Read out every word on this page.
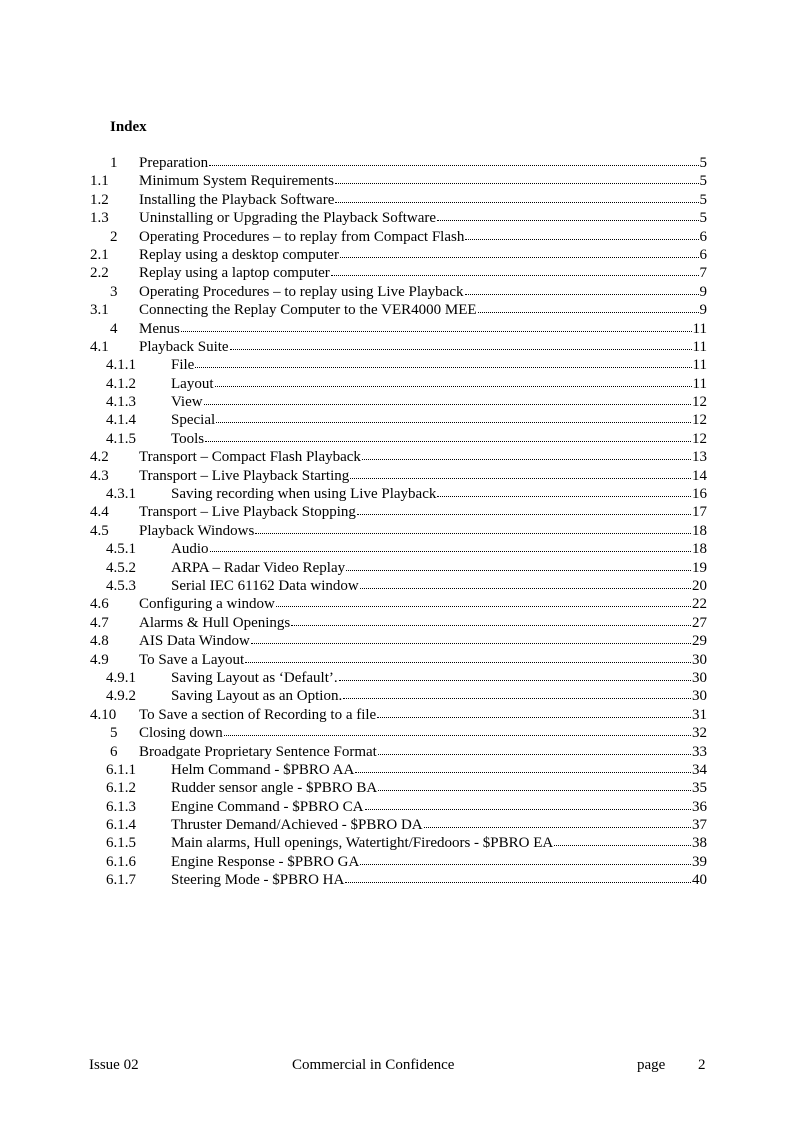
Index
1 Preparation	5
1.1 Minimum System Requirements	5
1.2 Installing the Playback Software	5
1.3 Uninstalling or Upgrading the Playback Software	5
2 Operating Procedures – to replay from Compact Flash	6
2.1 Replay using a desktop computer	6
2.2 Replay using a laptop computer	7
3 Operating Procedures – to replay using Live Playback	9
3.1 Connecting the Replay Computer to the VER4000 MEE	9
4 Menus	11
4.1 Playback Suite	11
4.1.1 File	11
4.1.2 Layout	11
4.1.3 View	12
4.1.4 Special	12
4.1.5 Tools	12
4.2 Transport – Compact Flash Playback	13
4.3 Transport – Live Playback Starting	14
4.3.1 Saving recording when using Live Playback	16
4.4 Transport – Live Playback Stopping	17
4.5 Playback Windows	18
4.5.1 Audio	18
4.5.2 ARPA – Radar Video Replay	19
4.5.3 Serial IEC 61162 Data window	20
4.6 Configuring a window	22
4.7 Alarms & Hull Openings	27
4.8 AIS Data Window	29
4.9 To Save a Layout	30
4.9.1 Saving Layout as ‘Default’.	30
4.9.2 Saving Layout as an Option.	30
4.10 To Save a section of Recording to a file	31
5 Closing down	32
6 Broadgate Proprietary Sentence Format	33
6.1.1 Helm Command - $PBRO AA	34
6.1.2 Rudder sensor angle - $PBRO BA	35
6.1.3 Engine Command - $PBRO CA	36
6.1.4 Thruster Demand/Achieved - $PBRO DA	37
6.1.5 Main alarms, Hull openings, Watertight/Firedoors - $PBRO EA	38
6.1.6 Engine Response - $PBRO GA	39
6.1.7 Steering Mode - $PBRO HA	40
Issue 02	Commercial in Confidence	page 2
